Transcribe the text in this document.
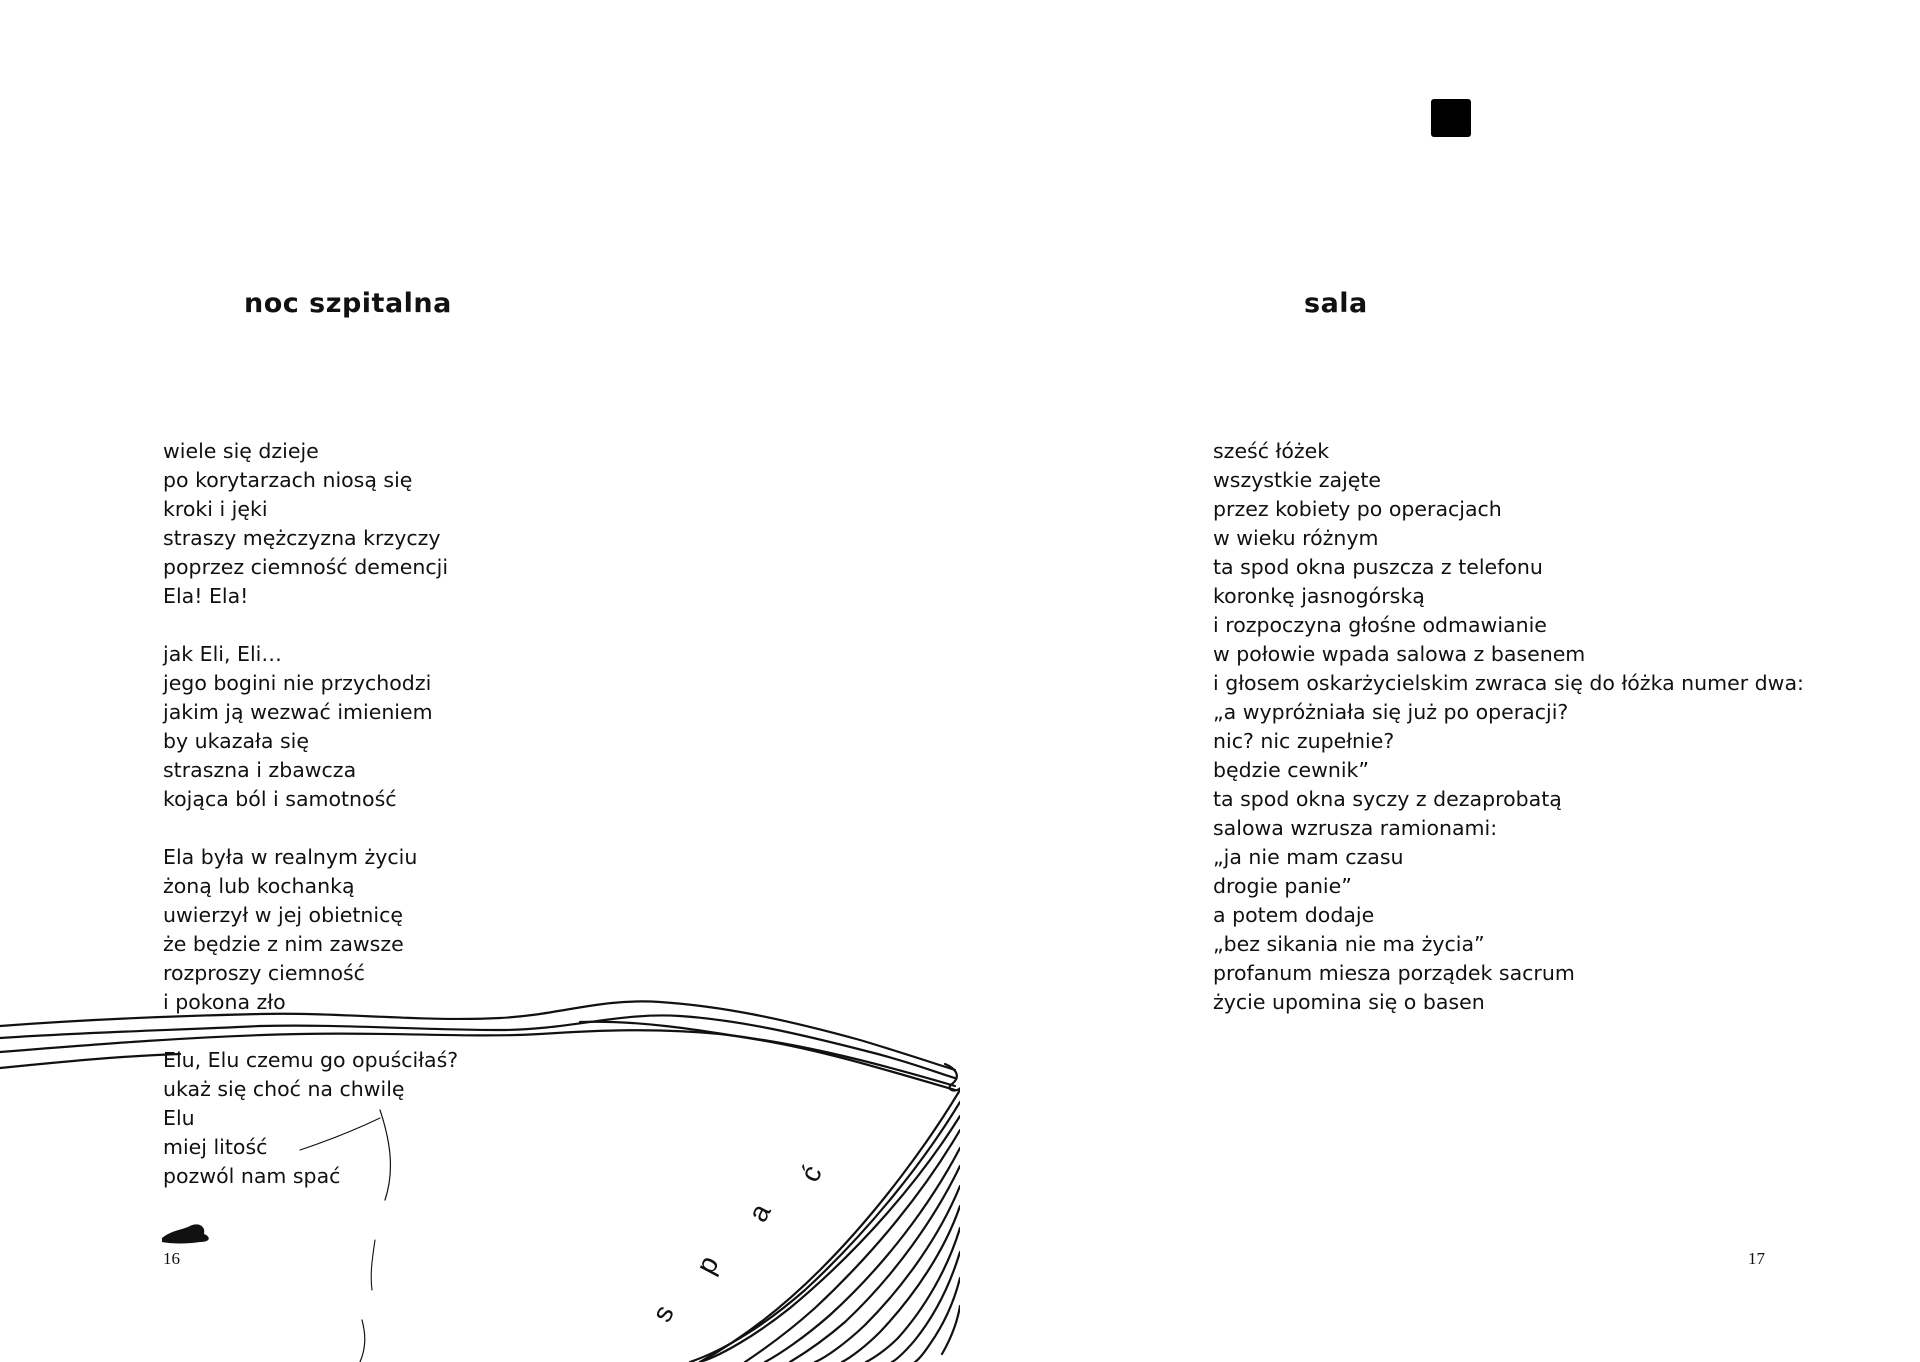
noc szpitalna
wiele się dzieje
po korytarzach niosą się
kroki i jęki
straszy mężczyzna krzyczy
poprzez ciemność demencji
Ela! Ela!
jak Eli, Eli…
jego bogini nie przychodzi
jakim ją wezwać imieniem
by ukazała się
straszna i zbawcza
kojąca ból i samotność
Ela była w realnym życiu
żoną lub kochanką
uwierzył w jej obietnicę
że będzie z nim zawsze
rozproszy ciemność
i pokona zło
Elu, Elu czemu go opuściłaś?
ukaż się choć na chwilę
Elu
miej litość
pozwól nam spać
16
s
p
a
ć
sala
sześć łóżek
wszystkie zajęte
przez kobiety po operacjach
w wieku różnym
ta spod okna puszcza z telefonu
koronkę jasnogórską
i rozpoczyna głośne odmawianie
w połowie wpada salowa z basenem
i głosem oskarżycielskim zwraca się do łóżka numer dwa:
„a wypróżniała się już po operacji?
nic? nic zupełnie?
będzie cewnik”
ta spod okna syczy z dezaprobatą
salowa wzrusza ramionami:
„ja nie mam czasu
drogie panie”
a potem dodaje
„bez sikania nie ma życia”
profanum miesza porządek sacrum
życie upomina się o basen
17
